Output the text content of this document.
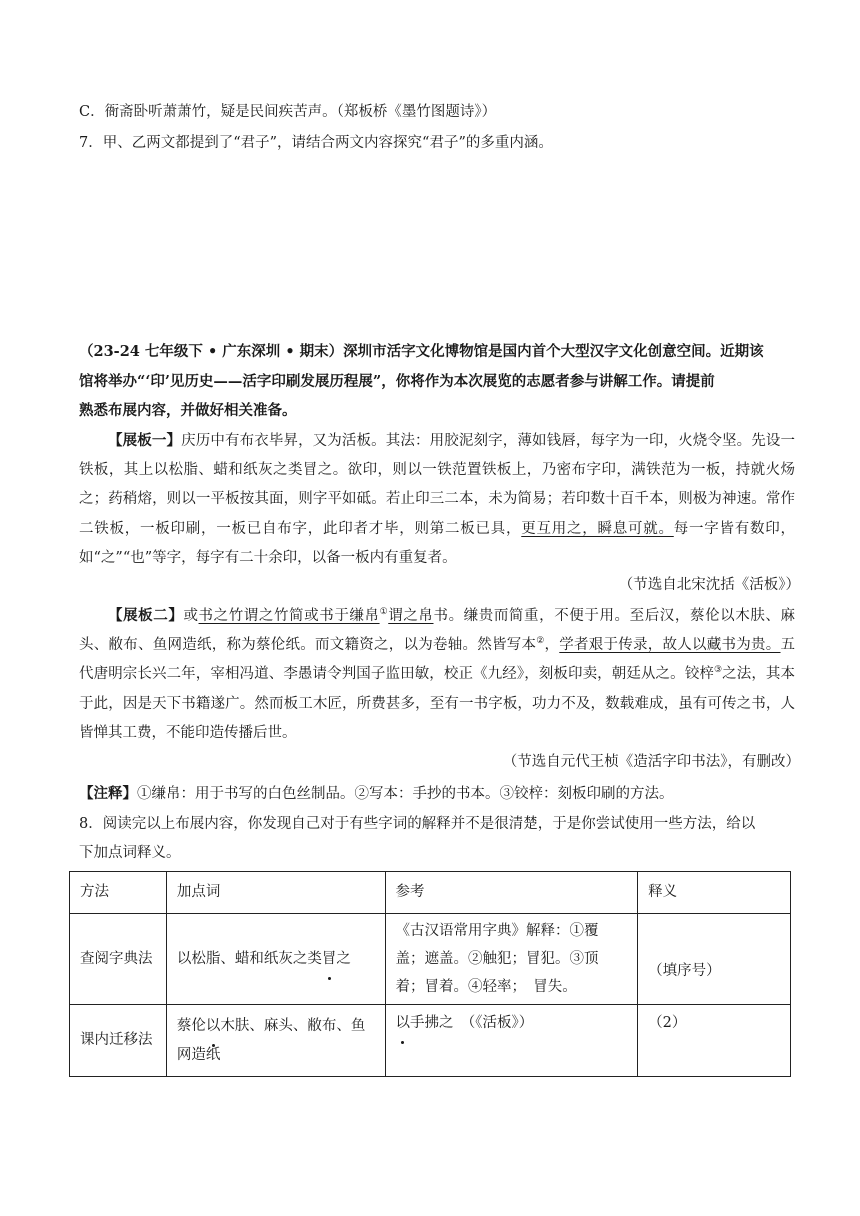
C．衙斋卧听萧萧竹，疑是民间疾苦声。（郑板桥《墨竹图题诗》）
7．甲、乙两文都提到了“君子”，请结合两文内容探究“君子”的多重内涵。
（23-24 七年级下 • 广东深圳 • 期末）深圳市活字文化博物馆是国内首个大型汉字文化创意空间。近期该
馆将举办“‘印’见历史——活字印刷发展历程展”，你将作为本次展览的志愿者参与讲解工作。请提前
熟悉布展内容，并做好相关准备。
【展板一】庆历中有布衣毕昇，又为活板。其法：用胶泥刻字，薄如钱唇，每字为一印，火烧令坚。先设一铁板，其上以松脂、蜡和纸灰之类冒之。欲印，则以一铁范置铁板上，乃密布字印，满铁范为一板，持就火炀之；药稍熔，则以一平板按其面，则字平如砥。若止印三二本，未为简易；若印数十百千本，则极为神速。常作二铁板，一板印刷，一板已自布字，此印者才毕，则第二板已具，更互用之，瞬息可就。每一字皆有数印，如“之”“也”等字，每字有二十余印，以备一板内有重复者。
（节选自北宋沈括《活板》）
【展板二】或书之竹谓之竹简或书于缣帛①谓之帛书。缣贵而简重，不便于用。至后汉，蔡伦以木肤、麻头、敝布、鱼网造纸，称为蔡伦纸。而文籍资之，以为卷轴。然皆写本②，学者艰于传录，故人以藏书为贵。五代唐明宗长兴二年，宰相冯道、李愚请令判国子监田敏，校正《九经》，刻板印卖，朝廷从之。铰梓③之法，其本于此，因是天下书籍遂广。然而板工木匠，所费甚多，至有一书字板，功力不及，数载难成，虽有可传之书，人皆惮其工费，不能印造传播后世。
（节选自元代王桢《造活字印书法》，有删改）
【注释】①缣帛：用于书写的白色丝制品。②写本：手抄的书本。③铰梓：刻板印刷的方法。
8．阅读完以上布展内容，你发现自己对于有些字词的解释并不是很清楚，于是你尝试使用一些方法，给以
下加点词释义。
方法	加点词	参考	释义
查阅字典法	以松脂、蜡和纸灰之类冒之	《古汉语常用字典》解释：①覆盖；遮盖。②触犯；冒犯。③顶着；冒着。④轻率；　冒失。	（填序号）
课内迁移法	蔡伦以木肤、麻头、敝布、鱼网造纸	以手拂之　（《活板》）	（2）
